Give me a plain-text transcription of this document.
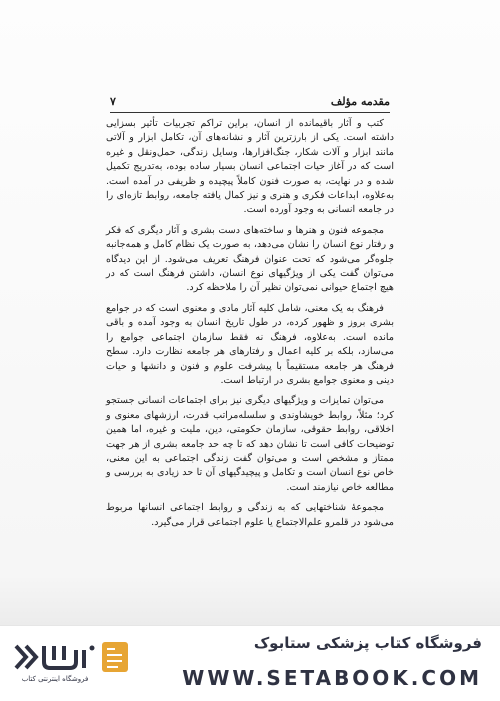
مقدمه مؤلف
۷

کتب و آثار باقیمانده از انسان، براین تراکم تجربیات تأثیر بسزایی داشته است. یکی از بارزترین آثار و نشانه‌های آن، تکامل ابزار و آلاتی مانند ابزار و آلات شکار، جنگ‌افزارها، وسایل زندگی، حمل‌ونقل و غیره است که در آغاز حیات اجتماعی انسان بسیار ساده بوده، به‌تدریج تکمیل شده و در نهایت، به صورت فنون کاملاً پیچیده و ظریفی در آمده است. به‌علاوه، ابداعات فکری و هنری و نیز کمال یافته جامعه، روابط تازه‌ای را در جامعه انسانی به وجود آورده است.

مجموعه فنون و هنرها و ساخته‌های دست بشری و آثار دیگری که فکر و رفتار نوع انسان را نشان می‌دهد، به صورت یک نظام کامل و همه‌جانبه جلوه‌گر می‌شود که تحت عنوان فرهنگ تعریف می‌شود. از این دیدگاه می‌توان گفت یکی از ویژگیهای نوع انسان، داشتن فرهنگ است که در هیچ اجتماع حیوانی نمی‌توان نظیر آن را ملاحظه کرد.

فرهنگ به یک معنی، شامل کلیه آثار مادی و معنوی است که در جوامع بشری بروز و ظهور کرده، در طول تاریخ انسان به وجود آمده و باقی مانده است. به‌علاوه، فرهنگ نه فقط سازمان اجتماعی جوامع را می‌سازد، بلکه بر کلیه اعمال و رفتارهای هر جامعه نظارت دارد. سطح فرهنگ هر جامعه مستقیماً با پیشرفت علوم و فنون و دانشها و حیات دینی و معنوی جوامع بشری در ارتباط است.

می‌توان تمایزات و ویژگیهای دیگری نیز برای اجتماعات انسانی جستجو کرد؛ مثلاً، روابط خویشاوندی و سلسله‌مراتب قدرت، ارزشهای معنوی و اخلاقی، روابط حقوقی، سازمان حکومتی، دین، ملیت و غیره، اما همین توضیحات کافی است تا نشان دهد که تا چه حد جامعه بشری از هر جهت ممتاز و مشخص است و می‌توان گفت زندگی اجتماعی به این معنی، خاص نوع انسان است و تکامل و پیچیدگیهای آن تا حد زیادی به بررسی و مطالعه خاص نیازمند است.

مجموعهٔ شناختهایی که به زندگی و روابط اجتماعی انسانها مربوط می‌شود در قلمرو علم‌الاجتماع یا علوم اجتماعی قرار می‌گیرد.

فروشگاه اینترنتی کتاب
فروشگاه کتاب پزشکی ستابوک
WWW.SETABOOK.COM
